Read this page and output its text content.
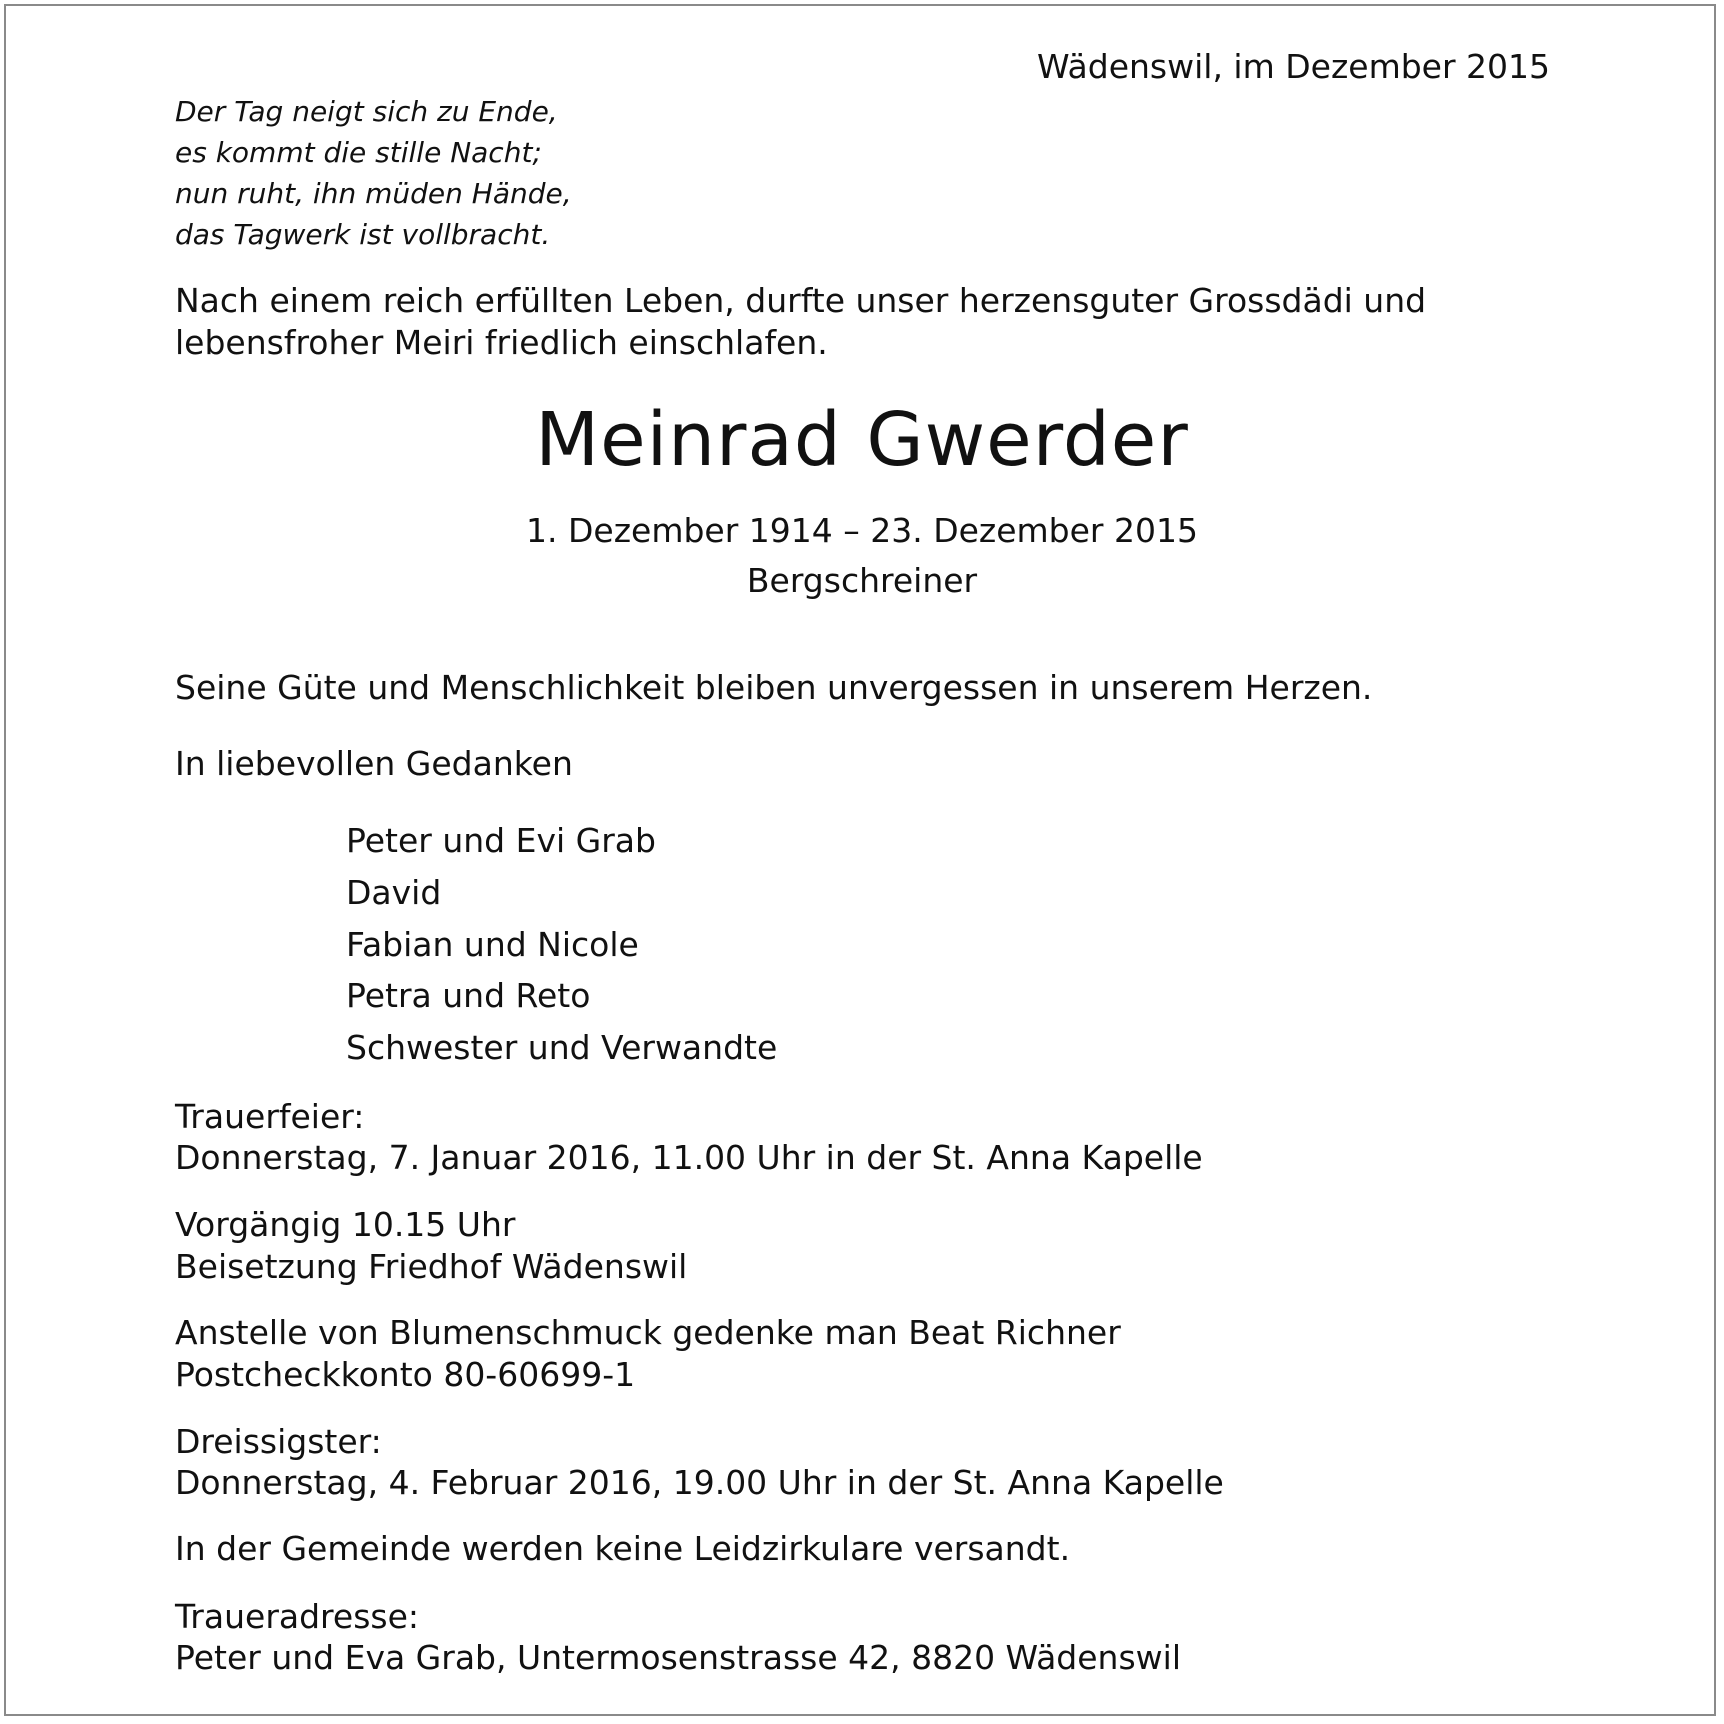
Wädenswil, im Dezember 2015
Der Tag neigt sich zu Ende,
es kommt die stille Nacht;
nun ruht, ihn müden Hände,
das Tagwerk ist vollbracht.
Nach einem reich erfüllten Leben, durfte unser herzensguter Grossdädi und
lebensfroher Meiri friedlich einschlafen.
Meinrad Gwerder
1. Dezember 1914 – 23. Dezember 2015
Bergschreiner
Seine Güte und Menschlichkeit bleiben unvergessen in unserem Herzen.
In liebevollen Gedanken
Peter und Evi Grab
David
Fabian und Nicole
Petra und Reto
Schwester und Verwandte
Trauerfeier:
Donnerstag, 7. Januar 2016, 11.00 Uhr in der St. Anna Kapelle
Vorgängig 10.15 Uhr
Beisetzung Friedhof Wädenswil
Anstelle von Blumenschmuck gedenke man Beat Richner
Postcheckkonto 80-60699-1
Dreissigster:
Donnerstag, 4. Februar 2016, 19.00 Uhr in der St. Anna Kapelle
In der Gemeinde werden keine Leidzirkulare versandt.
Traueradresse:
Peter und Eva Grab, Untermosenstrasse 42, 8820 Wädenswil
